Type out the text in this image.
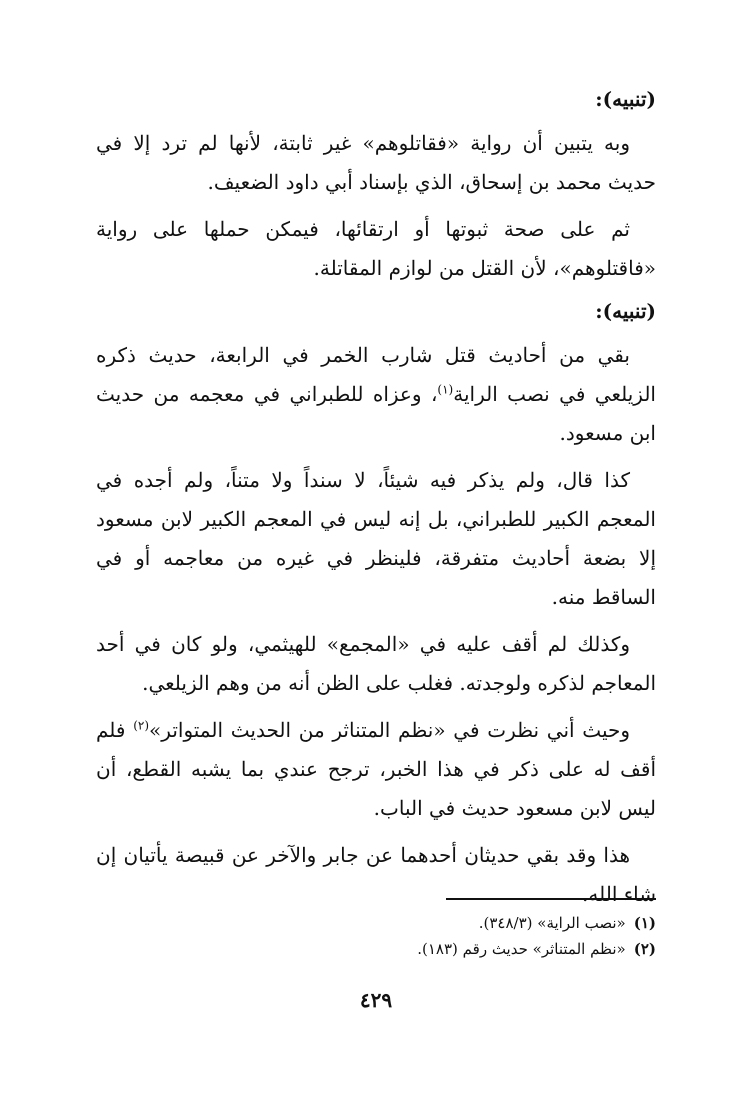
(تنبيه):

وبه يتبين أن رواية «فقاتلوهم» غير ثابتة، لأنها لم ترد إلا في حديث محمد بن إسحاق، الذي بإسناد أبي داود الضعيف.

ثم على صحة ثبوتها أو ارتقائها، فيمكن حملها على رواية «فاقتلوهم»، لأن القتل من لوازم المقاتلة.

(تنبيه):

بقي من أحاديث قتل شارب الخمر في الرابعة، حديث ذكره الزيلعي في نصب الراية$^{(١)}$، وعزاه للطبراني في معجمه من حديث ابن مسعود.

كذا قال، ولم يذكر فيه شيئاً، لا سنداً ولا متناً، ولم أجده في المعجم الكبير للطبراني، بل إنه ليس في المعجم الكبير لابن مسعود إلا بضعة أحاديث متفرقة، فلينظر في غيره من معاجمه أو في الساقط منه.

وكذلك لم أقف عليه في «المجمع» للهيثمي، ولو كان في أحد المعاجم لذكره ولوجدته. فغلب على الظن أنه من وهم الزيلعي.

وحيث أني نظرت في «نظم المتناثر من الحديث المتواتر»$^{(٢)}$ فلم أقف له على ذكر في هذا الخبر، ترجح عندي بما يشبه القطع، أن ليس لابن مسعود حديث في الباب.

هذا وقد بقي حديثان أحدهما عن جابر والآخر عن قبيصة يأتيان إن شاء الله.

(١)«نصب الراية» (٣٤٨/٣).

(٢)«نظم المتناثر» حديث رقم (١٨٣).

٤٢٩
